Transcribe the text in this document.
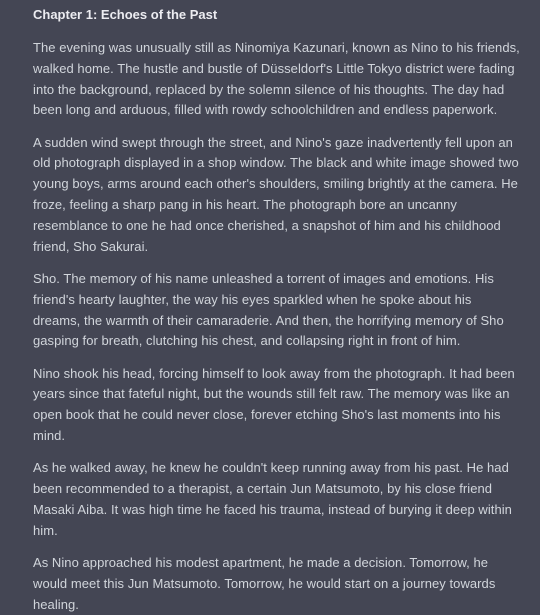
Chapter 1: Echoes of the Past

The evening was unusually still as Ninomiya Kazunari, known as Nino to his friends, walked home. The hustle and bustle of Düsseldorf's Little Tokyo district were fading into the background, replaced by the solemn silence of his thoughts. The day had been long and arduous, filled with rowdy schoolchildren and endless paperwork.

A sudden wind swept through the street, and Nino's gaze inadvertently fell upon an old photograph displayed in a shop window. The black and white image showed two young boys, arms around each other's shoulders, smiling brightly at the camera. He froze, feeling a sharp pang in his heart. The photograph bore an uncanny resemblance to one he had once cherished, a snapshot of him and his childhood friend, Sho Sakurai.

Sho. The memory of his name unleashed a torrent of images and emotions. His friend's hearty laughter, the way his eyes sparkled when he spoke about his dreams, the warmth of their camaraderie. And then, the horrifying memory of Sho gasping for breath, clutching his chest, and collapsing right in front of him.

Nino shook his head, forcing himself to look away from the photograph. It had been years since that fateful night, but the wounds still felt raw. The memory was like an open book that he could never close, forever etching Sho's last moments into his mind.

As he walked away, he knew he couldn't keep running away from his past. He had been recommended to a therapist, a certain Jun Matsumoto, by his close friend Masaki Aiba. It was high time he faced his trauma, instead of burying it deep within him.

As Nino approached his modest apartment, he made a decision. Tomorrow, he would meet this Jun Matsumoto. Tomorrow, he would start on a journey towards healing.
